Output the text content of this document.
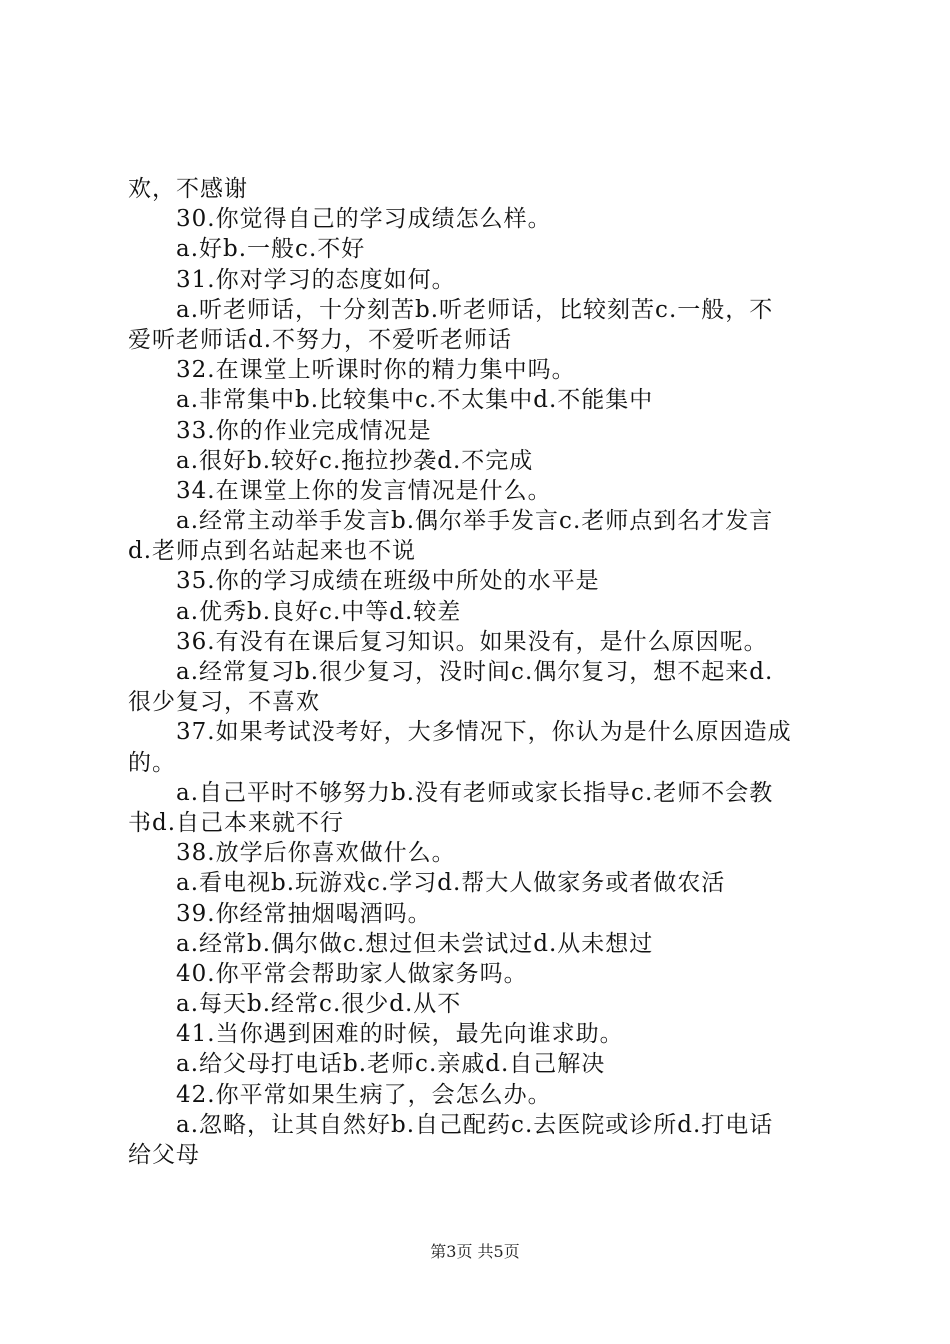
欢，不感谢
30.你觉得自己的学习成绩怎么样。
a.好b.一般c.不好
31.你对学习的态度如何。
a.听老师话，十分刻苦b.听老师话，比较刻苦c.一般，不
爱听老师话d.不努力，不爱听老师话
32.在课堂上听课时你的精力集中吗。
a.非常集中b.比较集中c.不太集中d.不能集中
33.你的作业完成情况是
a.很好b.较好c.拖拉抄袭d.不完成
34.在课堂上你的发言情况是什么。
a.经常主动举手发言b.偶尔举手发言c.老师点到名才发言
d.老师点到名站起来也不说
35.你的学习成绩在班级中所处的水平是
a.优秀b.良好c.中等d.较差
36.有没有在课后复习知识。如果没有，是什么原因呢。
a.经常复习b.很少复习，没时间c.偶尔复习，想不起来d.
很少复习，不喜欢
37.如果考试没考好，大多情况下，你认为是什么原因造成
的。
a.自己平时不够努力b.没有老师或家长指导c.老师不会教
书d.自己本来就不行
38.放学后你喜欢做什么。
a.看电视b.玩游戏c.学习d.帮大人做家务或者做农活
39.你经常抽烟喝酒吗。
a.经常b.偶尔做c.想过但未尝试过d.从未想过
40.你平常会帮助家人做家务吗。
a.每天b.经常c.很少d.从不
41.当你遇到困难的时候，最先向谁求助。
a.给父母打电话b.老师c.亲戚d.自己解决
42.你平常如果生病了，会怎么办。
a.忽略，让其自然好b.自己配药c.去医院或诊所d.打电话
给父母
第3页 共5页
